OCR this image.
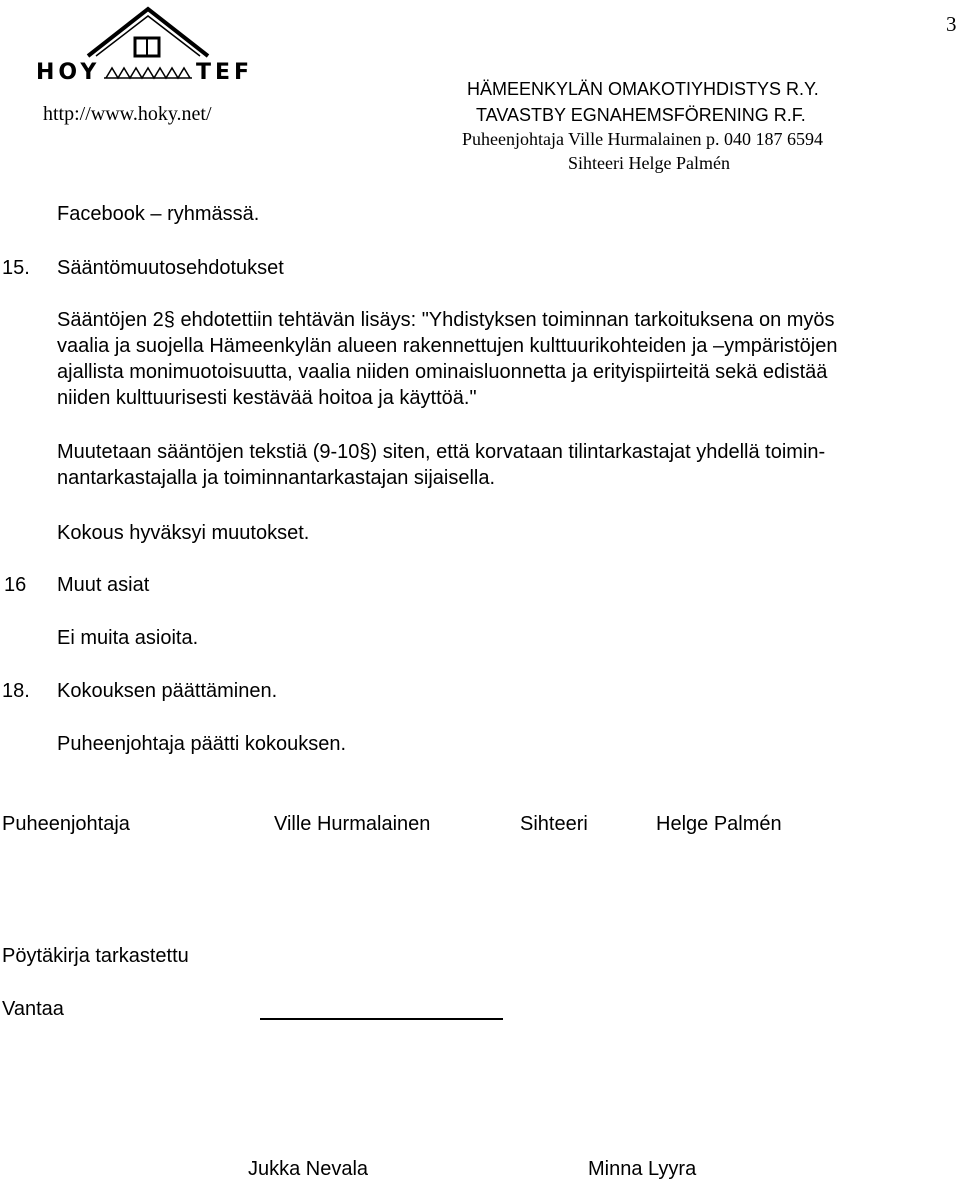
3
HOY	TEF
http://www.hoky.net/
HÄMEENKYLÄN OMAKOTIYHDISTYS R.Y.
TAVASTBY EGNAHEMSFÖRENING R.F.
Puheenjohtaja Ville Hurmalainen p. 040 187 6594
Sihteeri Helge Palmén
Facebook – ryhmässä.
15. Sääntömuutosehdotukset
Sääntöjen 2§ ehdotettiin tehtävän lisäys: "Yhdistyksen toiminnan tarkoituksena on myös
vaalia ja suojella Hämeenkylän alueen rakennettujen kulttuurikohteiden ja –ympäristöjen
ajallista monimuotoisuutta, vaalia niiden ominaisluonnetta ja erityispiirteitä sekä edistää
niiden kulttuurisesti kestävää hoitoa ja käyttöä."
Muutetaan sääntöjen tekstiä (9-10§) siten, että korvataan tilintarkastajat yhdellä toimin-
nantarkastajalla ja toiminnantarkastajan sijaisella.
Kokous hyväksyi muutokset.
16 Muut asiat
Ei muita asioita.
18. Kokouksen päättäminen.
Puheenjohtaja päätti kokouksen.
Puheenjohtaja	Ville Hurmalainen	Sihteeri	Helge Palmén
Pöytäkirja tarkastettu
Vantaa
Jukka Nevala	Minna Lyyra
